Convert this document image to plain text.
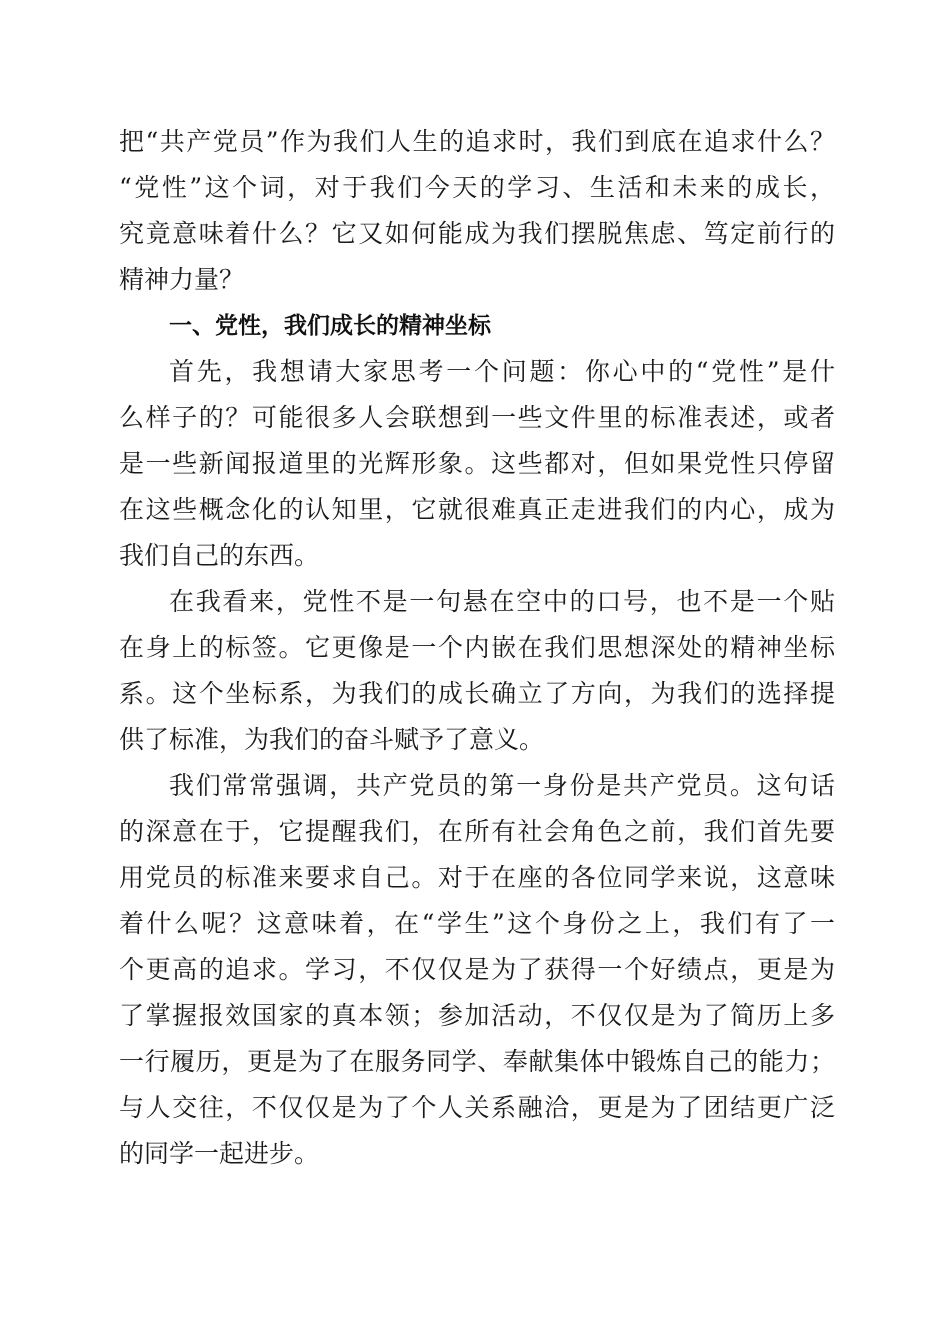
把“共产党员”作为我们人生的追求时，我们到底在追求什么？
“党性”这个词，对于我们今天的学习、生活和未来的成长，
究竟意味着什么？它又如何能成为我们摆脱焦虑、笃定前行的
精神力量？
一、党性，我们成长的精神坐标
首先，我想请大家思考一个问题：你心中的“党性”是什
么样子的？可能很多人会联想到一些文件里的标准表述，或者
是一些新闻报道里的光辉形象。这些都对，但如果党性只停留
在这些概念化的认知里，它就很难真正走进我们的内心，成为
我们自己的东西。
在我看来，党性不是一句悬在空中的口号，也不是一个贴
在身上的标签。它更像是一个内嵌在我们思想深处的精神坐标
系。这个坐标系，为我们的成长确立了方向，为我们的选择提
供了标准，为我们的奋斗赋予了意义。
我们常常强调，共产党员的第一身份是共产党员。这句话
的深意在于，它提醒我们，在所有社会角色之前，我们首先要
用党员的标准来要求自己。对于在座的各位同学来说，这意味
着什么呢？这意味着，在“学生”这个身份之上，我们有了一
个更高的追求。学习，不仅仅是为了获得一个好绩点，更是为
了掌握报效国家的真本领；参加活动，不仅仅是为了简历上多
一行履历，更是为了在服务同学、奉献集体中锻炼自己的能力；
与人交往，不仅仅是为了个人关系融洽，更是为了团结更广泛
的同学一起进步。
